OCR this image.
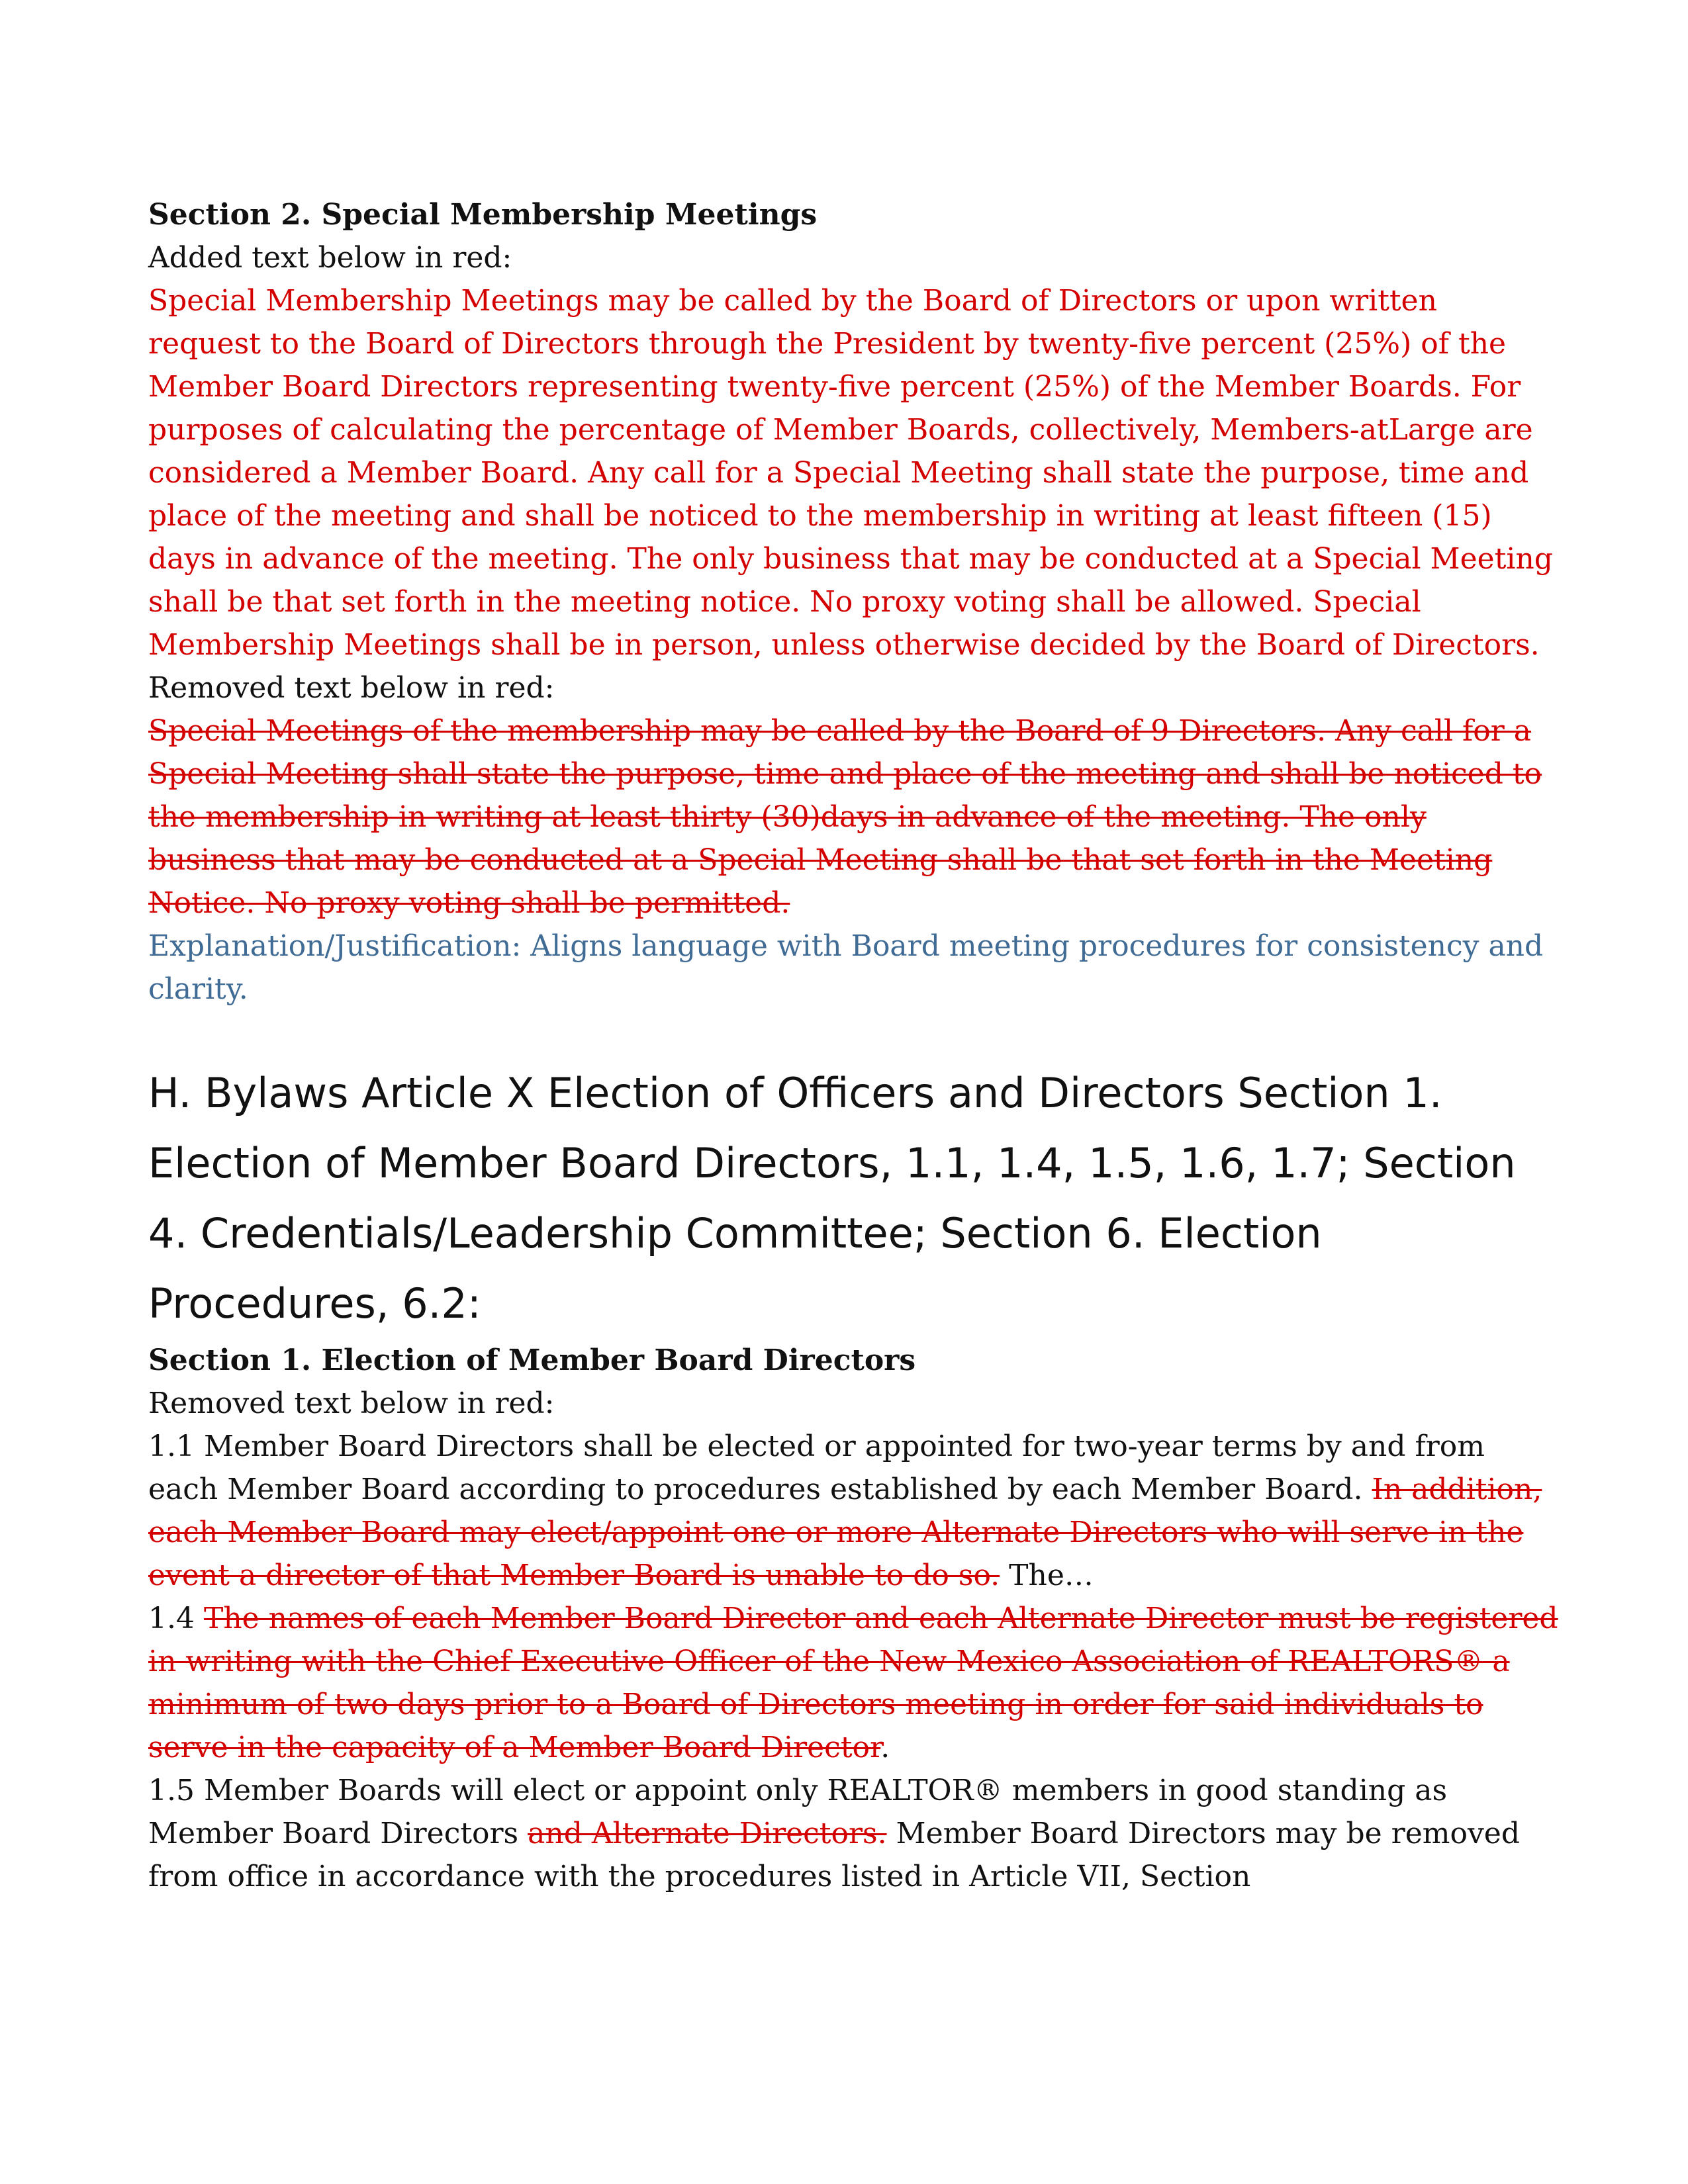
Section 2. Special Membership Meetings

Added text below in red:

Special Membership Meetings may be called by the Board of Directors or upon written request to the Board of Directors through the President by twenty-five percent (25%) of the Member Board Directors representing twenty-five percent (25%) of the Member Boards. For purposes of calculating the percentage of Member Boards, collectively, Members-atLarge are considered a Member Board. Any call for a Special Meeting shall state the purpose, time and place of the meeting and shall be noticed to the membership in writing at least fifteen (15) days in advance of the meeting. The only business that may be conducted at a Special Meeting shall be that set forth in the meeting notice. No proxy voting shall be allowed. Special Membership Meetings shall be in person, unless otherwise decided by the Board of Directors.

Removed text below in red:

Special Meetings of the membership may be called by the Board of 9 Directors. Any call for a Special Meeting shall state the purpose, time and place of the meeting and shall be noticed to the membership in writing at least thirty (30)days in advance of the meeting. The only business that may be conducted at a Special Meeting shall be that set forth in the Meeting Notice. No proxy voting shall be permitted.

Explanation/Justification: Aligns language with Board meeting procedures for consistency and clarity.

H. Bylaws Article X Election of Officers and Directors Section 1. Election of Member Board Directors, 1.1, 1.4, 1.5, 1.6, 1.7; Section 4. Credentials/Leadership Committee; Section 6. Election Procedures, 6.2:

Section 1. Election of Member Board Directors

Removed text below in red:

1.1 Member Board Directors shall be elected or appointed for two-year terms by and from each Member Board according to procedures established by each Member Board. In addition, each Member Board may elect/appoint one or more Alternate Directors who will serve in the event a director of that Member Board is unable to do so. The…

1.4 The names of each Member Board Director and each Alternate Director must be registered in writing with the Chief Executive Officer of the New Mexico Association of REALTORS® a minimum of two days prior to a Board of Directors meeting in order for said individuals to serve in the capacity of a Member Board Director.

1.5 Member Boards will elect or appoint only REALTOR® members in good standing as Member Board Directors and Alternate Directors. Member Board Directors may be removed from office in accordance with the procedures listed in Article VII, Section
